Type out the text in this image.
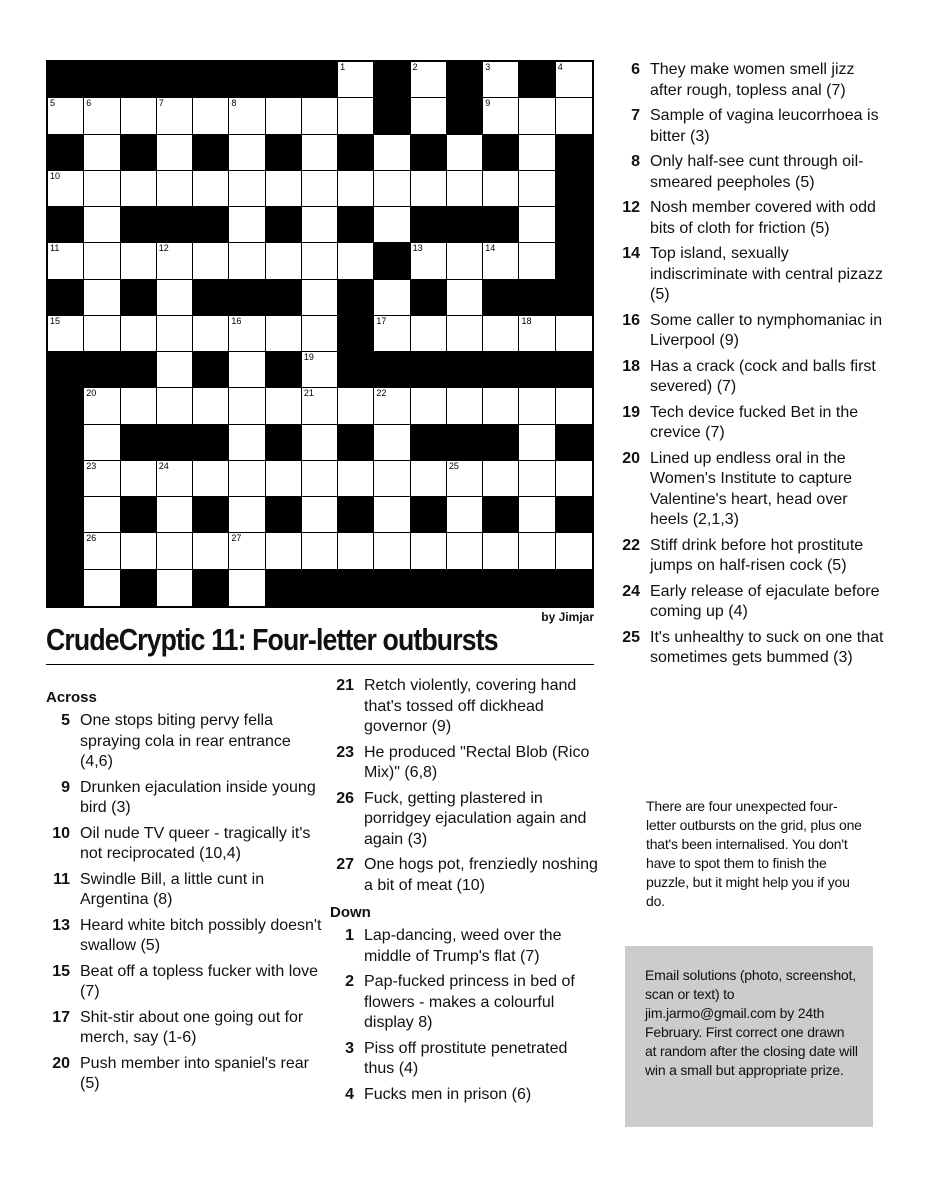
1	2	3	4
5	6	7	8	9
10
11	12	13	14
15	16	17	18
19
20	21	22
23	24	25
26	27
by Jimjar
CrudeCryptic 11: Four-letter outbursts
Across
5 One stops biting pervy fella spraying cola in rear entrance (4,6)
9 Drunken ejaculation inside young bird (3)
10 Oil nude TV queer - tragically it's not reciprocated (10,4)
11 Swindle Bill, a little cunt in Argentina (8)
13 Heard white bitch possibly doesn't swallow (5)
15 Beat off a topless fucker with love (7)
17 Shit-stir about one going out for merch, say (1-6)
20 Push member into spaniel's rear (5)
21 Retch violently, covering hand that's tossed off dickhead governor (9)
23 He produced "Rectal Blob (Rico Mix)" (6,8)
26 Fuck, getting plastered in porridgey ejaculation again and again (3)
27 One hogs pot, frenziedly noshing a bit of meat (10)
Down
1 Lap-dancing, weed over the middle of Trump's flat (7)
2 Pap-fucked princess in bed of flowers - makes a colourful display 8)
3 Piss off prostitute penetrated thus (4)
4 Fucks men in prison (6)
6 They make women smell jizz after rough, topless anal (7)
7 Sample of vagina leucorrhoea is bitter (3)
8 Only half-see cunt through oil-smeared peepholes (5)
12 Nosh member covered with odd bits of cloth for friction (5)
14 Top island, sexually indiscriminate with central pizazz (5)
16 Some caller to nymphomaniac in Liverpool (9)
18 Has a crack (cock and balls first severed) (7)
19 Tech device fucked Bet in the crevice (7)
20 Lined up endless oral in the Women's Institute to capture Valentine's heart, head over heels (2,1,3)
22 Stiff drink before hot prostitute jumps on half-risen cock (5)
24 Early release of ejaculate before coming up (4)
25 It's unhealthy to suck on one that sometimes gets bummed (3)
There are four unexpected four-letter outbursts on the grid, plus one that's been internalised. You don't have to spot them to finish the puzzle, but it might help you if you do.
Email solutions (photo, screenshot, scan or text) to jim.jarmo@gmail.com by 24th February. First correct one drawn at random after the closing date will win a small but appropriate prize.
